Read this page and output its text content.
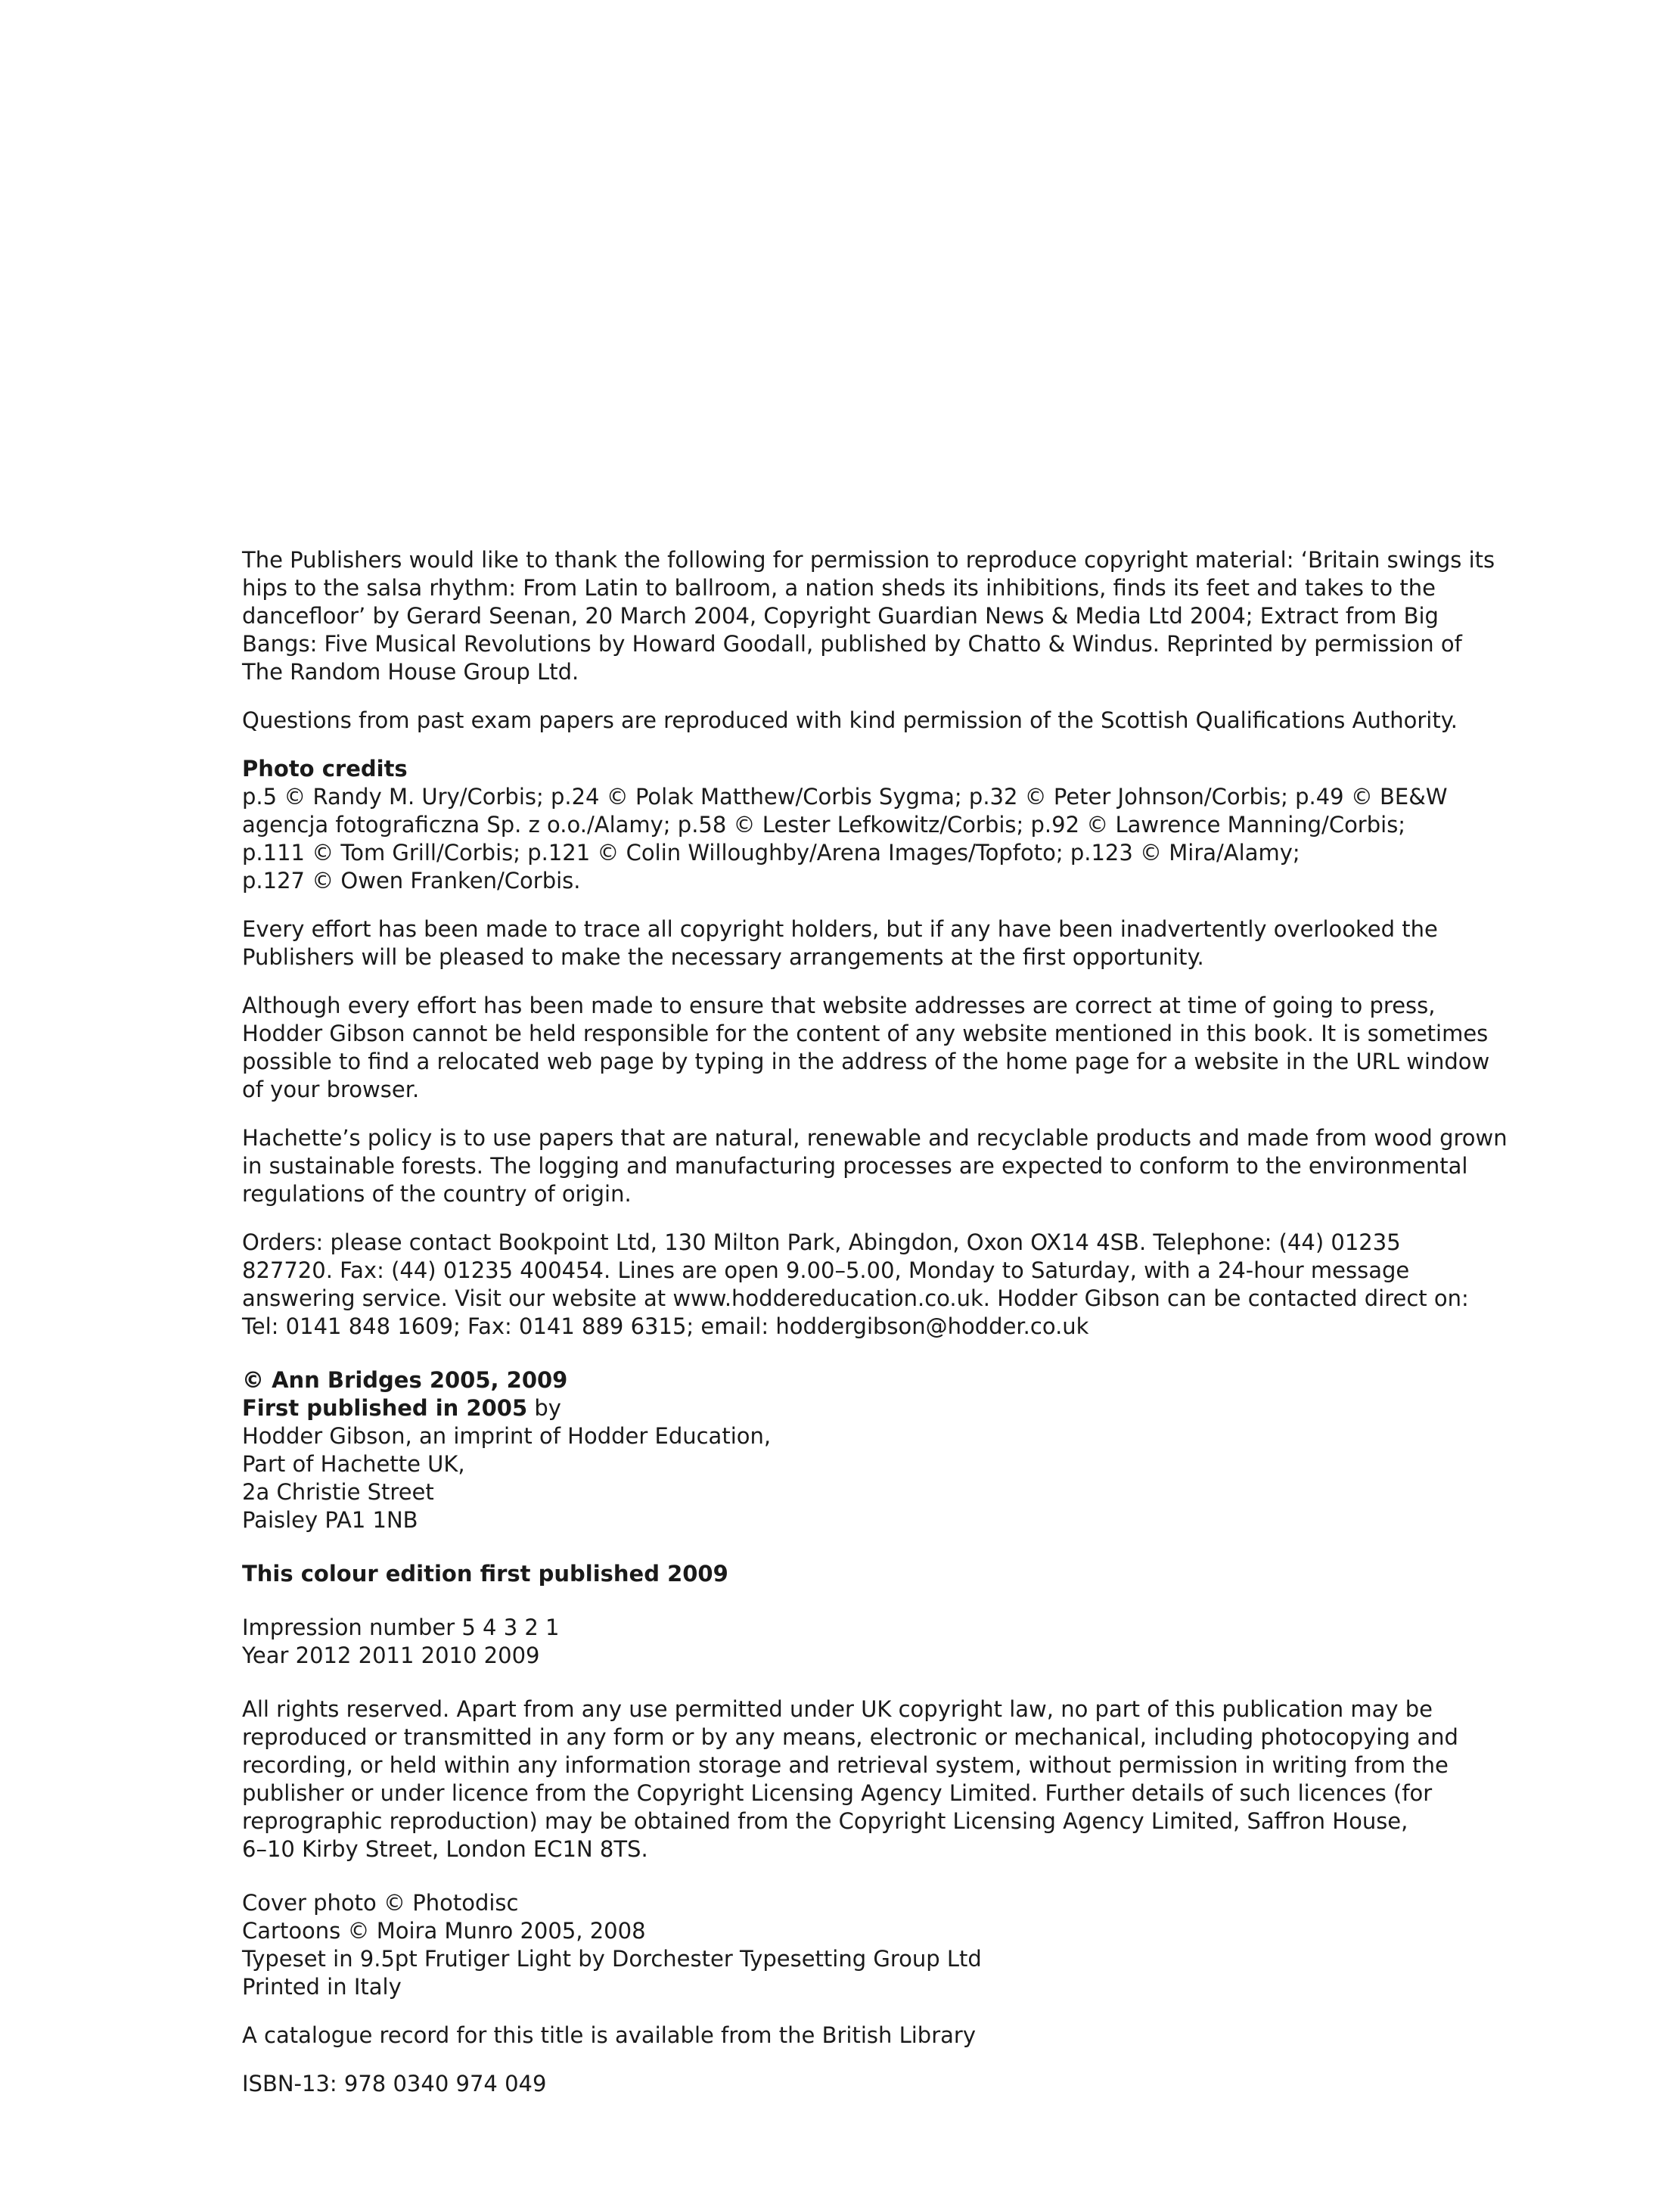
The Publishers would like to thank the following for permission to reproduce copyright material: ‘Britain swings its
hips to the salsa rhythm: From Latin to ballroom, a nation sheds its inhibitions, finds its feet and takes to the
dancefloor’ by Gerard Seenan, 20 March 2004, Copyright Guardian News & Media Ltd 2004; Extract from Big
Bangs: Five Musical Revolutions by Howard Goodall, published by Chatto & Windus. Reprinted by permission of
The Random House Group Ltd.

Questions from past exam papers are reproduced with kind permission of the Scottish Qualifications Authority.

Photo credits
p.5 © Randy M. Ury/Corbis; p.24 © Polak Matthew/Corbis Sygma; p.32 © Peter Johnson/Corbis; p.49 © BE&W
agencja fotograficzna Sp. z o.o./Alamy; p.58 © Lester Lefkowitz/Corbis; p.92 © Lawrence Manning/Corbis;
p.111 © Tom Grill/Corbis; p.121 © Colin Willoughby/Arena Images/Topfoto; p.123 © Mira/Alamy;
p.127 © Owen Franken/Corbis.

Every effort has been made to trace all copyright holders, but if any have been inadvertently overlooked the
Publishers will be pleased to make the necessary arrangements at the first opportunity.

Although every effort has been made to ensure that website addresses are correct at time of going to press,
Hodder Gibson cannot be held responsible for the content of any website mentioned in this book. It is sometimes
possible to find a relocated web page by typing in the address of the home page for a website in the URL window
of your browser.

Hachette’s policy is to use papers that are natural, renewable and recyclable products and made from wood grown
in sustainable forests. The logging and manufacturing processes are expected to conform to the environmental
regulations of the country of origin.

Orders: please contact Bookpoint Ltd, 130 Milton Park, Abingdon, Oxon OX14 4SB. Telephone: (44) 01235
827720. Fax: (44) 01235 400454. Lines are open 9.00–5.00, Monday to Saturday, with a 24-hour message
answering service. Visit our website at www.hoddereducation.co.uk. Hodder Gibson can be contacted direct on:
Tel: 0141 848 1609; Fax: 0141 889 6315; email: hoddergibson@hodder.co.uk

© Ann Bridges 2005, 2009
First published in 2005 by
Hodder Gibson, an imprint of Hodder Education,
Part of Hachette UK,
2a Christie Street
Paisley PA1 1NB

This colour edition first published 2009

Impression number 5 4 3 2 1
Year 2012 2011 2010 2009

All rights reserved. Apart from any use permitted under UK copyright law, no part of this publication may be
reproduced or transmitted in any form or by any means, electronic or mechanical, including photocopying and
recording, or held within any information storage and retrieval system, without permission in writing from the
publisher or under licence from the Copyright Licensing Agency Limited. Further details of such licences (for
reprographic reproduction) may be obtained from the Copyright Licensing Agency Limited, Saffron House,
6–10 Kirby Street, London EC1N 8TS.

Cover photo © Photodisc
Cartoons © Moira Munro 2005, 2008
Typeset in 9.5pt Frutiger Light by Dorchester Typesetting Group Ltd
Printed in Italy

A catalogue record for this title is available from the British Library

ISBN-13: 978 0340 974 049
